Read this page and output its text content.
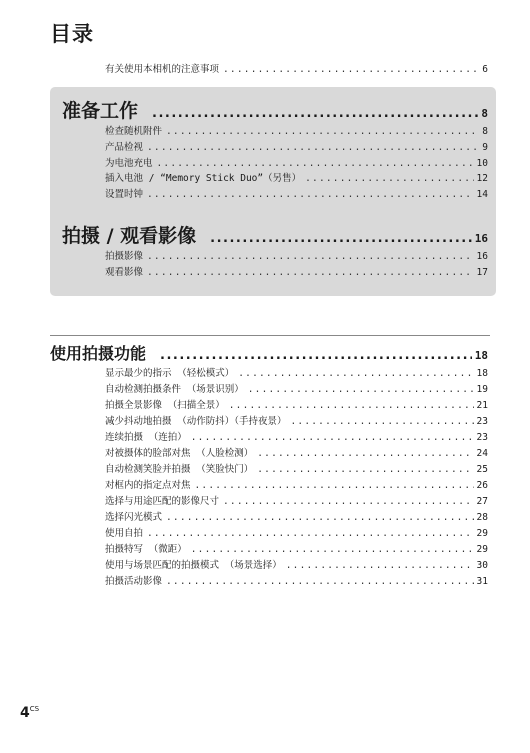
目录
有关使用本相机的注意事项 .....	6
准备工作 .....	8
检查随机附件 .....	8
产品检视 .....	9
为电池充电 .....	10
插入电池 / “Memory Stick Duo”（另售） .....	12
设置时钟 .....	14
拍摄 / 观看影像 .....	16
拍摄影像 .....	16
观看影像 .....	17
使用拍摄功能 .....	18
显示最少的指示 （轻松模式） .....	18
自动检测拍摄条件 （场景识别） .....	19
拍摄全景影像 （扫描全景） .....	21
减少抖动地拍摄 （动作防抖）（手持夜景） .....	23
连续拍摄 （连拍） .....	23
对被摄体的脸部对焦 （人脸检测） .....	24
自动检测笑脸并拍摄 （笑脸快门） .....	25
对框内的指定点对焦 .....	26
选择与用途匹配的影像尺寸 .....	27
选择闪光模式 .....	28
使用自拍 .....	29
拍摄特写 （微距） .....	29
使用与场景匹配的拍摄模式 （场景选择） .....	30
拍摄活动影像 .....	31
$4^{CS}$
